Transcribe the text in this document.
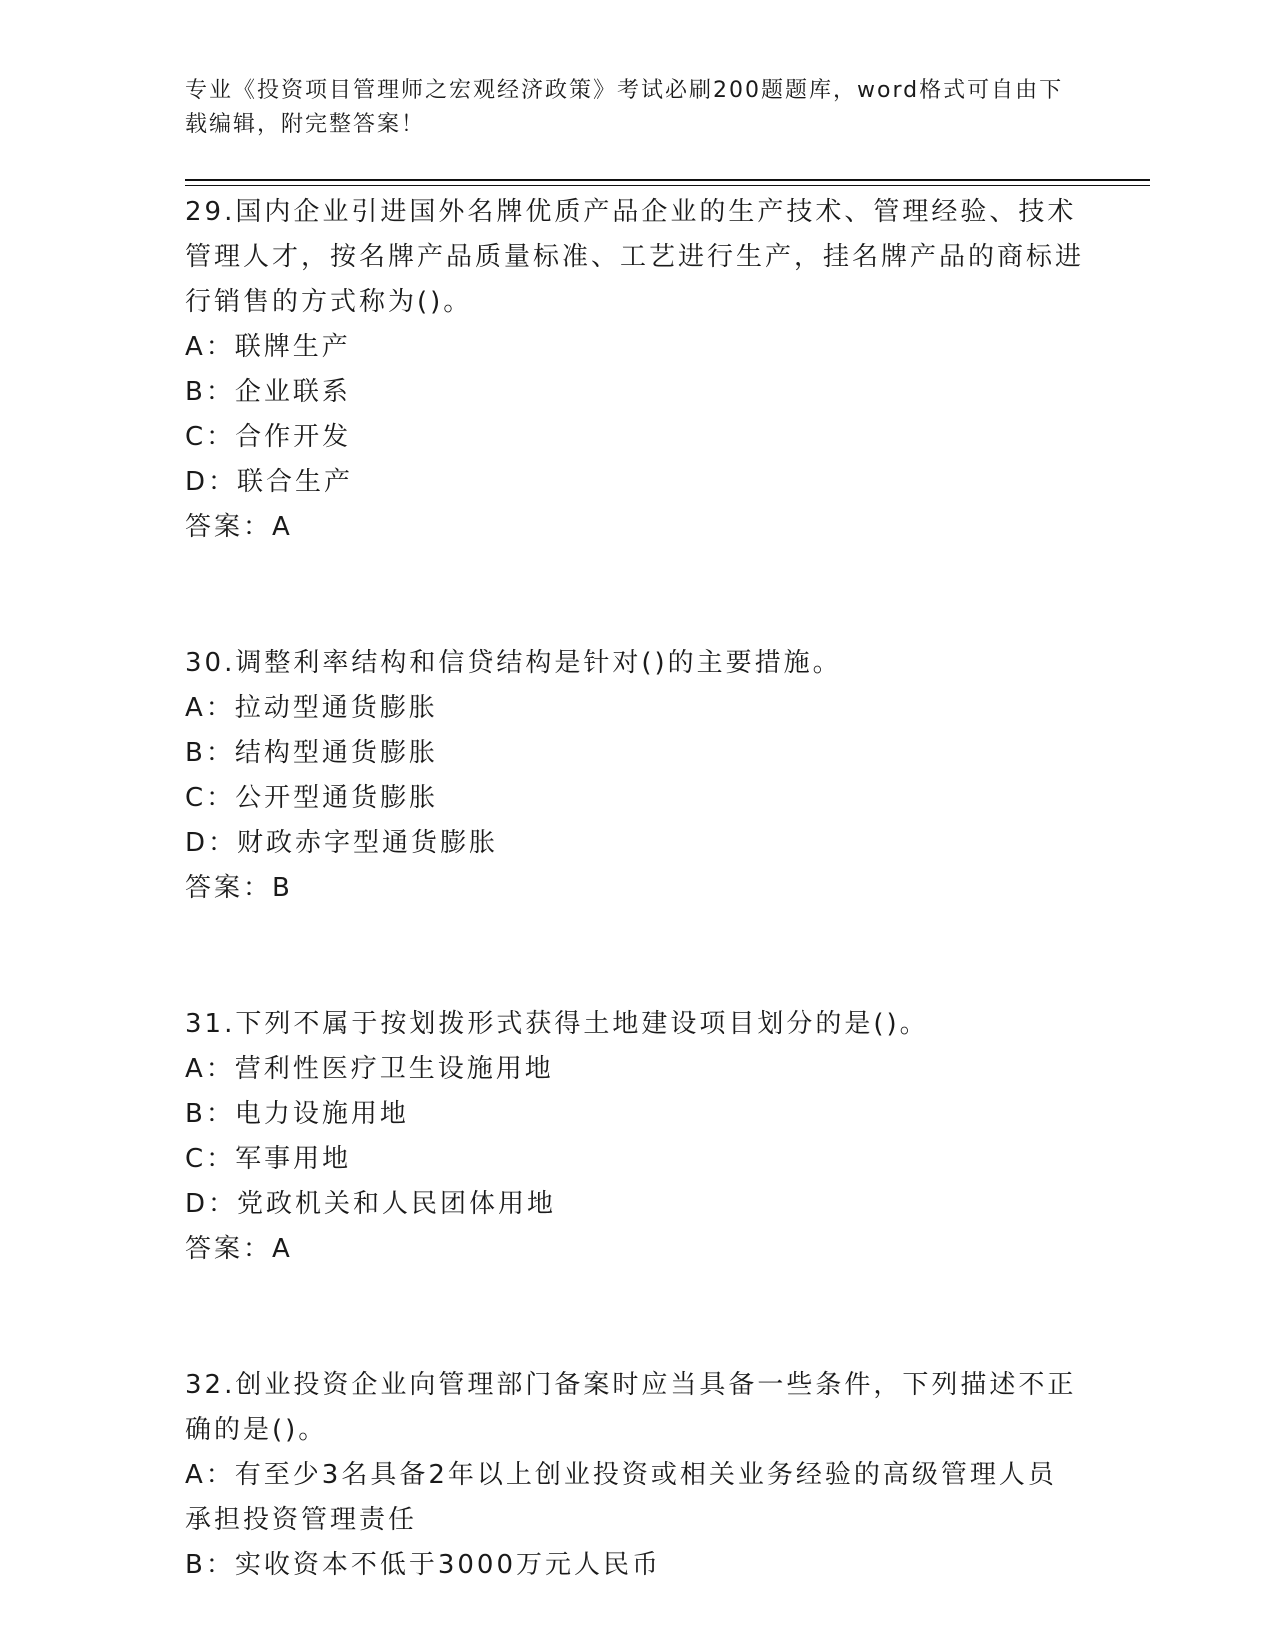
专业《投资项目管理师之宏观经济政策》考试必刷200题题库，word格式可自由下载编辑，附完整答案！

29.国内企业引进国外名牌优质产品企业的生产技术、管理经验、技术管理人才，按名牌产品质量标准、工艺进行生产，挂名牌产品的商标进行销售的方式称为()。

A：联牌生产

B：企业联系

C：合作开发

D：联合生产

答案：A

30.调整利率结构和信贷结构是针对()的主要措施。

A：拉动型通货膨胀

B：结构型通货膨胀

C：公开型通货膨胀

D：财政赤字型通货膨胀

答案：B

31.下列不属于按划拨形式获得土地建设项目划分的是()。

A：营利性医疗卫生设施用地

B：电力设施用地

C：军事用地

D：党政机关和人民团体用地

答案：A

32.创业投资企业向管理部门备案时应当具备一些条件，下列描述不正确的是()。

A：有至少3名具备2年以上创业投资或相关业务经验的高级管理人员承担投资管理责任

B：实收资本不低于3000万元人民币
